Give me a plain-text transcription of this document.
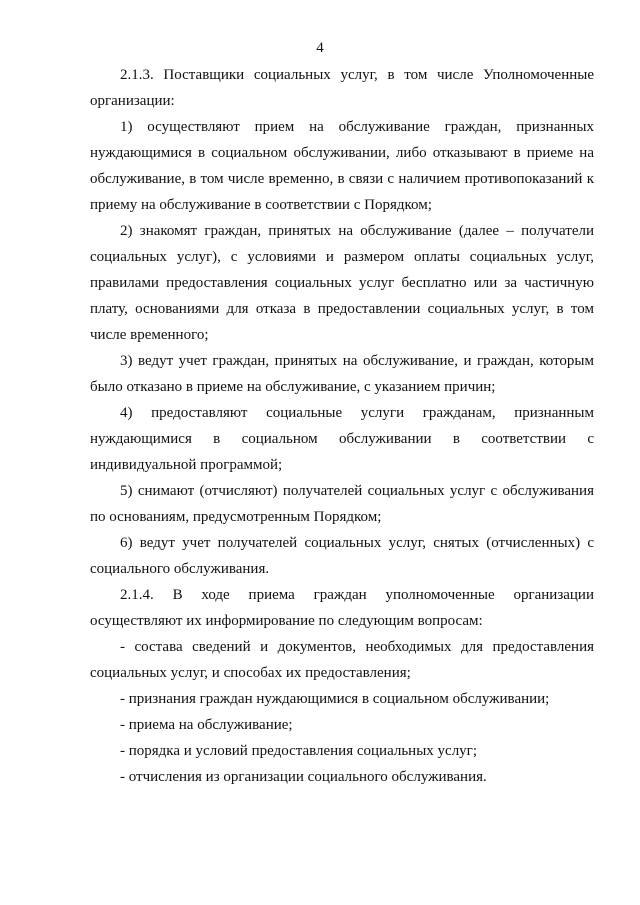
4

2.1.3. Поставщики социальных услуг, в том числе Уполномоченные организации:

1) осуществляют прием на обслуживание граждан, признанных нуждающимися в социальном обслуживании, либо отказывают в приеме на обслуживание, в том числе временно, в связи с наличием противопоказаний к приему на обслуживание в соответствии с Порядком;

2) знакомят граждан, принятых на обслуживание (далее – получатели социальных услуг), с условиями и размером оплаты социальных услуг, правилами предоставления социальных услуг бесплатно или за частичную плату, основаниями для отказа в предоставлении социальных услуг, в том числе временного;

3) ведут учет граждан, принятых на обслуживание, и граждан, которым было отказано в приеме на обслуживание, с указанием причин;

4) предоставляют социальные услуги гражданам, признанным нуждающимися в социальном обслуживании в соответствии с индивидуальной программой;

5) снимают (отчисляют) получателей социальных услуг с обслуживания по основаниям, предусмотренным Порядком;

6) ведут учет получателей социальных услуг, снятых (отчисленных) с социального обслуживания.

2.1.4. В ходе приема граждан уполномоченные организации осуществляют их информирование по следующим вопросам:

- состава сведений и документов, необходимых для предоставления социальных услуг, и способах их предоставления;

- признания граждан нуждающимися в социальном обслуживании;

- приема на обслуживание;

- порядка и условий предоставления социальных услуг;

- отчисления из организации социального обслуживания.
